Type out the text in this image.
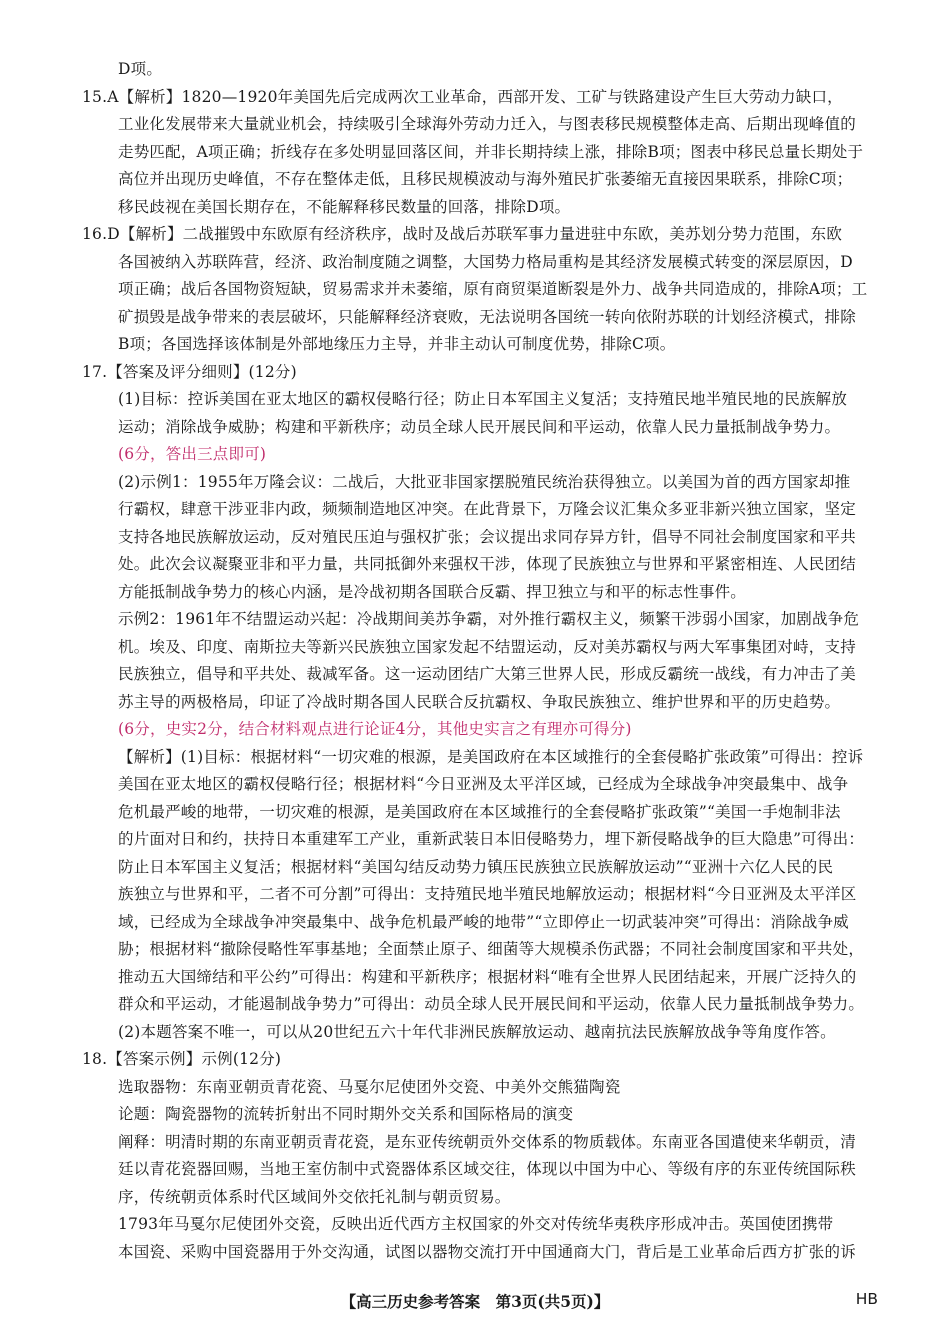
D项。
15.A【解析】1820—1920年美国先后完成两次工业革命，西部开发、工矿与铁路建设产生巨大劳动力缺口，
工业化发展带来大量就业机会，持续吸引全球海外劳动力迁入，与图表移民规模整体走高、后期出现峰值的
走势匹配，A项正确；折线存在多处明显回落区间，并非长期持续上涨，排除B项；图表中移民总量长期处于
高位并出现历史峰值，不存在整体走低，且移民规模波动与海外殖民扩张萎缩无直接因果联系，排除C项；
移民歧视在美国长期存在，不能解释移民数量的回落，排除D项。
16.D【解析】二战摧毁中东欧原有经济秩序，战时及战后苏联军事力量进驻中东欧，美苏划分势力范围，东欧
各国被纳入苏联阵营，经济、政治制度随之调整，大国势力格局重构是其经济发展模式转变的深层原因，D
项正确；战后各国物资短缺，贸易需求并未萎缩，原有商贸渠道断裂是外力、战争共同造成的，排除A项；工
矿损毁是战争带来的表层破坏，只能解释经济衰败，无法说明各国统一转向依附苏联的计划经济模式，排除
B项；各国选择该体制是外部地缘压力主导，并非主动认可制度优势，排除C项。
17.【答案及评分细则】(12分)
(1)目标：控诉美国在亚太地区的霸权侵略行径；防止日本军国主义复活；支持殖民地半殖民地的民族解放
运动；消除战争威胁；构建和平新秩序；动员全球人民开展民间和平运动，依靠人民力量抵制战争势力。
(6分，答出三点即可)
(2)示例1：1955年万隆会议：二战后，大批亚非国家摆脱殖民统治获得独立。以美国为首的西方国家却推
行霸权，肆意干涉亚非内政，频频制造地区冲突。在此背景下，万隆会议汇集众多亚非新兴独立国家，坚定
支持各地民族解放运动，反对殖民压迫与强权扩张；会议提出求同存异方针，倡导不同社会制度国家和平共
处。此次会议凝聚亚非和平力量，共同抵御外来强权干涉，体现了民族独立与世界和平紧密相连、人民团结
方能抵制战争势力的核心内涵，是冷战初期各国联合反霸、捍卫独立与和平的标志性事件。
示例2：1961年不结盟运动兴起：冷战期间美苏争霸，对外推行霸权主义，频繁干涉弱小国家，加剧战争危
机。埃及、印度、南斯拉夫等新兴民族独立国家发起不结盟运动，反对美苏霸权与两大军事集团对峙，支持
民族独立，倡导和平共处、裁减军备。这一运动团结广大第三世界人民，形成反霸统一战线，有力冲击了美
苏主导的两极格局，印证了冷战时期各国人民联合反抗霸权、争取民族独立、维护世界和平的历史趋势。
(6分，史实2分，结合材料观点进行论证4分，其他史实言之有理亦可得分)
【解析】(1)目标：根据材料“一切灾难的根源，是美国政府在本区域推行的全套侵略扩张政策”可得出：控诉
美国在亚太地区的霸权侵略行径；根据材料“今日亚洲及太平洋区域，已经成为全球战争冲突最集中、战争
危机最严峻的地带，一切灾难的根源，是美国政府在本区域推行的全套侵略扩张政策”“美国一手炮制非法
的片面对日和约，扶持日本重建军工产业，重新武装日本旧侵略势力，埋下新侵略战争的巨大隐患”可得出：
防止日本军国主义复活；根据材料“美国勾结反动势力镇压民族独立民族解放运动”“亚洲十六亿人民的民
族独立与世界和平，二者不可分割”可得出：支持殖民地半殖民地解放运动；根据材料“今日亚洲及太平洋区
域，已经成为全球战争冲突最集中、战争危机最严峻的地带”“立即停止一切武装冲突”可得出：消除战争威
胁；根据材料“撤除侵略性军事基地；全面禁止原子、细菌等大规模杀伤武器；不同社会制度国家和平共处，
推动五大国缔结和平公约”可得出：构建和平新秩序；根据材料“唯有全世界人民团结起来，开展广泛持久的
群众和平运动，才能遏制战争势力”可得出：动员全球人民开展民间和平运动，依靠人民力量抵制战争势力。
(2)本题答案不唯一，可以从20世纪五六十年代非洲民族解放运动、越南抗法民族解放战争等角度作答。
18.【答案示例】示例(12分)
选取器物：东南亚朝贡青花瓷、马戛尔尼使团外交瓷、中美外交熊猫陶瓷
论题：陶瓷器物的流转折射出不同时期外交关系和国际格局的演变
阐释：明清时期的东南亚朝贡青花瓷，是东亚传统朝贡外交体系的物质载体。东南亚各国遣使来华朝贡，清
廷以青花瓷器回赐，当地王室仿制中式瓷器体系区域交往，体现以中国为中心、等级有序的东亚传统国际秩
序，传统朝贡体系时代区域间外交依托礼制与朝贡贸易。
1793年马戛尔尼使团外交瓷，反映出近代西方主权国家的外交对传统华夷秩序形成冲击。英国使团携带
本国瓷、采购中国瓷器用于外交沟通，试图以器物交流打开中国通商大门，背后是工业革命后西方扩张的诉
【高三历史参考答案　第3页(共5页)】	HB
